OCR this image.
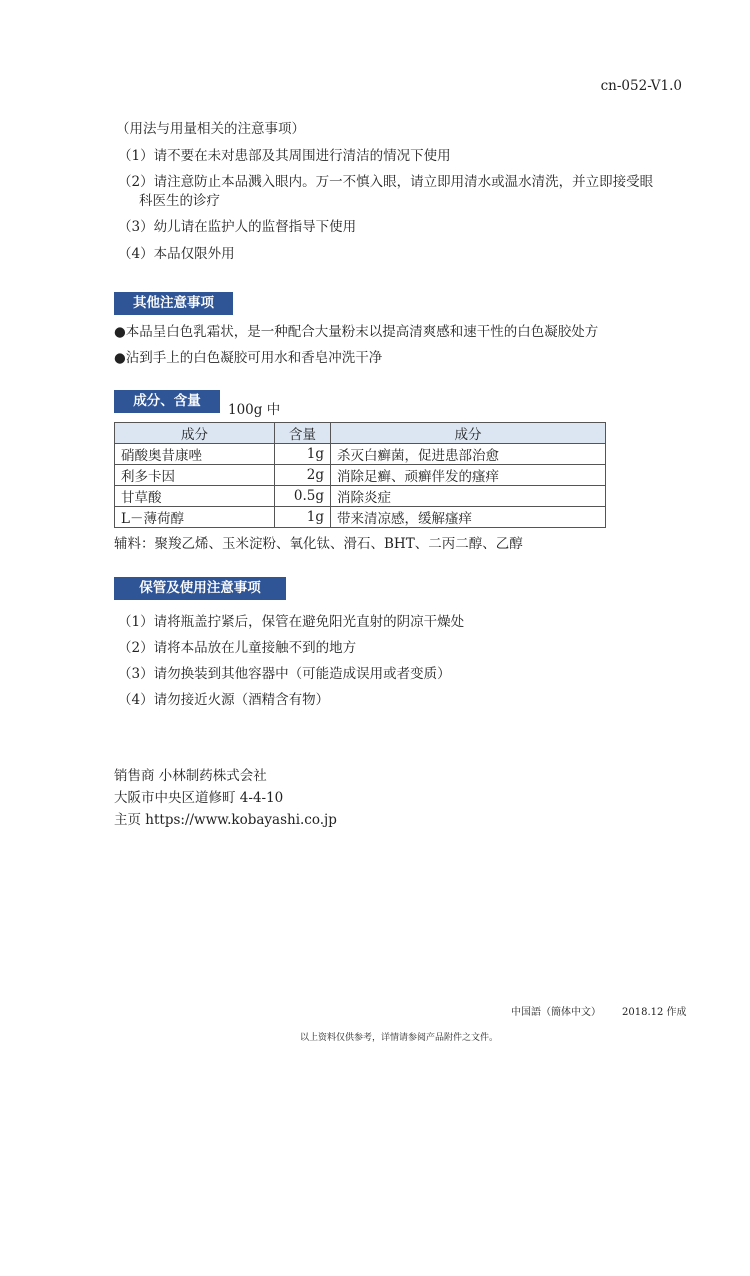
cn-052-V1.0
（用法与用量相关的注意事项）
（1）请不要在未对患部及其周围进行清洁的情况下使用
（2）请注意防止本品溅入眼内。万一不慎入眼，请立即用清水或温水清洗，并立即接受眼
科医生的诊疗
（3）幼儿请在监护人的监督指导下使用
（4）本品仅限外用
其他注意事项
●本品呈白色乳霜状，是一种配合大量粉末以提高清爽感和速干性的白色凝胶处方
●沾到手上的白色凝胶可用水和香皂冲洗干净
成分、含量
100g 中
成分	含量	成分
硝酸奥昔康唑	1g	杀灭白癣菌，促进患部治愈
利多卡因	2g	消除足癣、顽癣伴发的瘙痒
甘草酸	0.5g	消除炎症
L－薄荷醇	1g	带来清凉感，缓解瘙痒
辅料：聚羧乙烯、玉米淀粉、氧化钛、滑石、BHT、二丙二醇、乙醇
保管及使用注意事项
（1）请将瓶盖拧紧后，保管在避免阳光直射的阴凉干燥处
（2）请将本品放在儿童接触不到的地方
（3）请勿换装到其他容器中（可能造成误用或者变质）
（4）请勿接近火源（酒精含有物）
销售商 小林制药株式会社
大阪市中央区道修町 4-4-10
主页 https://www.kobayashi.co.jp
中国語（簡体中文） 2018.12 作成
以上资料仅供参考，详情请参阅产品附件之文件。
